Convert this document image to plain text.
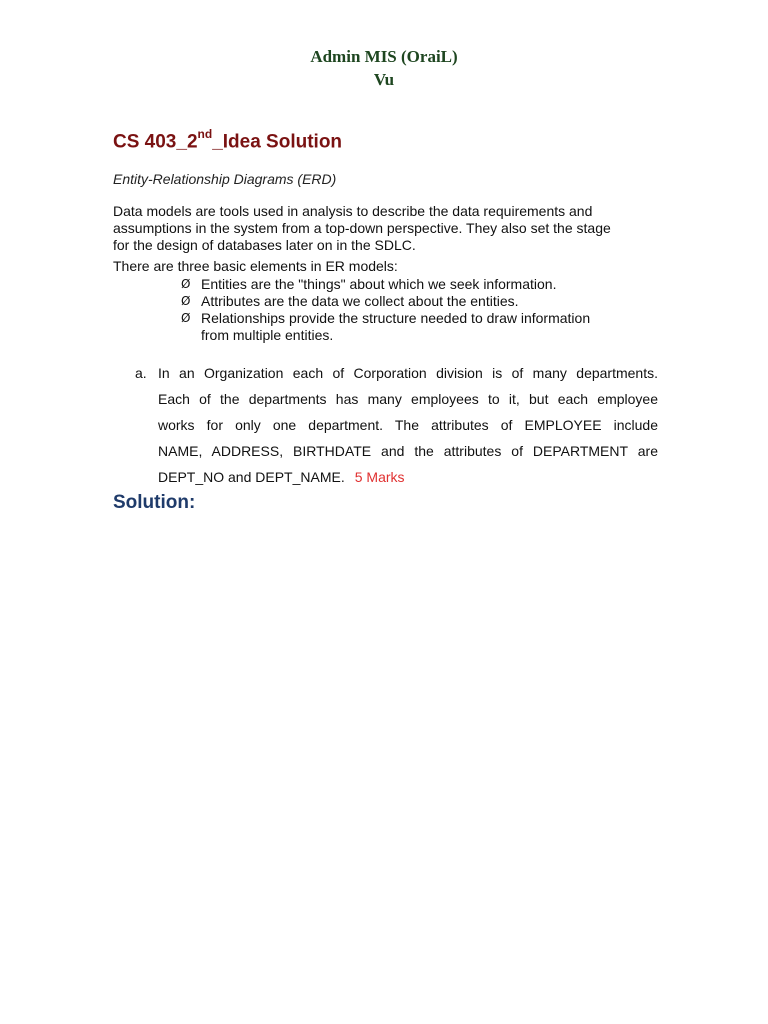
Admin MIS (OraiL)
Vu
CS 403_2nd_Idea Solution
Entity-Relationship Diagrams (ERD)
Data models are tools used in analysis to describe the data requirements and
assumptions in the system from a top-down perspective. They also set the stage
for the design of databases later on in the SDLC.
There are three basic elements in ER models:
Ø Entities are the "things" about which we seek information.
Ø Attributes are the data we collect about the entities.
Ø Relationships provide the structure needed to draw information
from multiple entities.
a. In an Organization each of Corporation division is of many departments.
Each of the departments has many employees to it, but each employee
works for only one department. The attributes of EMPLOYEE include
NAME, ADDRESS, BIRTHDATE and the attributes of DEPARTMENT are
DEPT_NO and DEPT_NAME. 5 Marks
Solution:
